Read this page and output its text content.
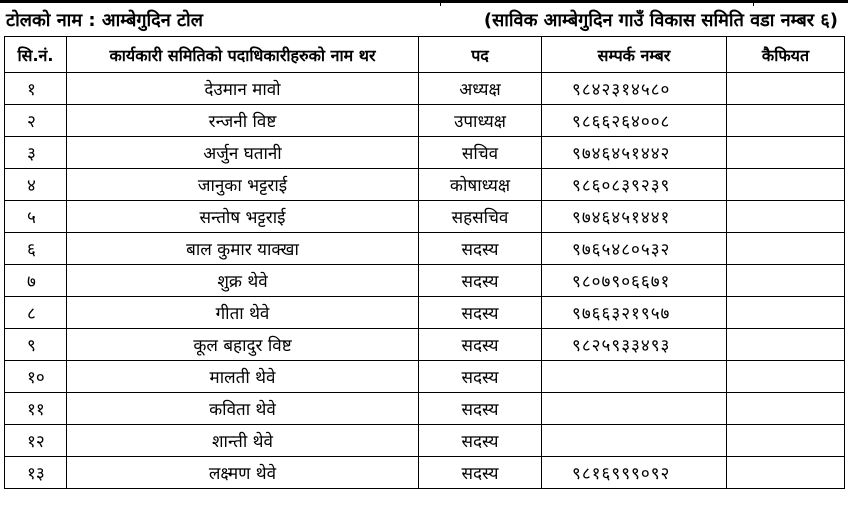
टोलको नाम : आम्बेगुदिन टोल	(साविक आम्बेगुदिन गाउँ विकास समिति वडा नम्बर ६)
सि.नं.	कार्यकारी समितिको पदाधिकारीहरुको नाम थर	पद	सम्पर्क नम्बर	कैफियत
१	देउमान मावो	अध्यक्ष	९८४२३१४५८०	
२	रन्जनी विष्ट	उपाध्यक्ष	९८६६२६४००८	
३	अर्जुन घतानी	सचिव	९७४६४५१४४२	
४	जानुका भट्टराई	कोषाध्यक्ष	९८६०८३९२३९	
५	सन्तोष भट्टराई	सहसचिव	९७४६४५१४४१	
६	बाल कुमार याक्खा	सदस्य	९७६५४८०५३२	
७	शुक्र थेवे	सदस्य	९८०७९०६६७१	
८	गीता थेवे	सदस्य	९७६६३२१९५७	
९	कूल बहादुर विष्ट	सदस्य	९८२५९३३४९३	
१०	मालती थेवे	सदस्य		
११	कविता थेवे	सदस्य		
१२	शान्ती थेवे	सदस्य		
१३	लक्ष्मण थेवे	सदस्य	९८१६९९९०९२	
